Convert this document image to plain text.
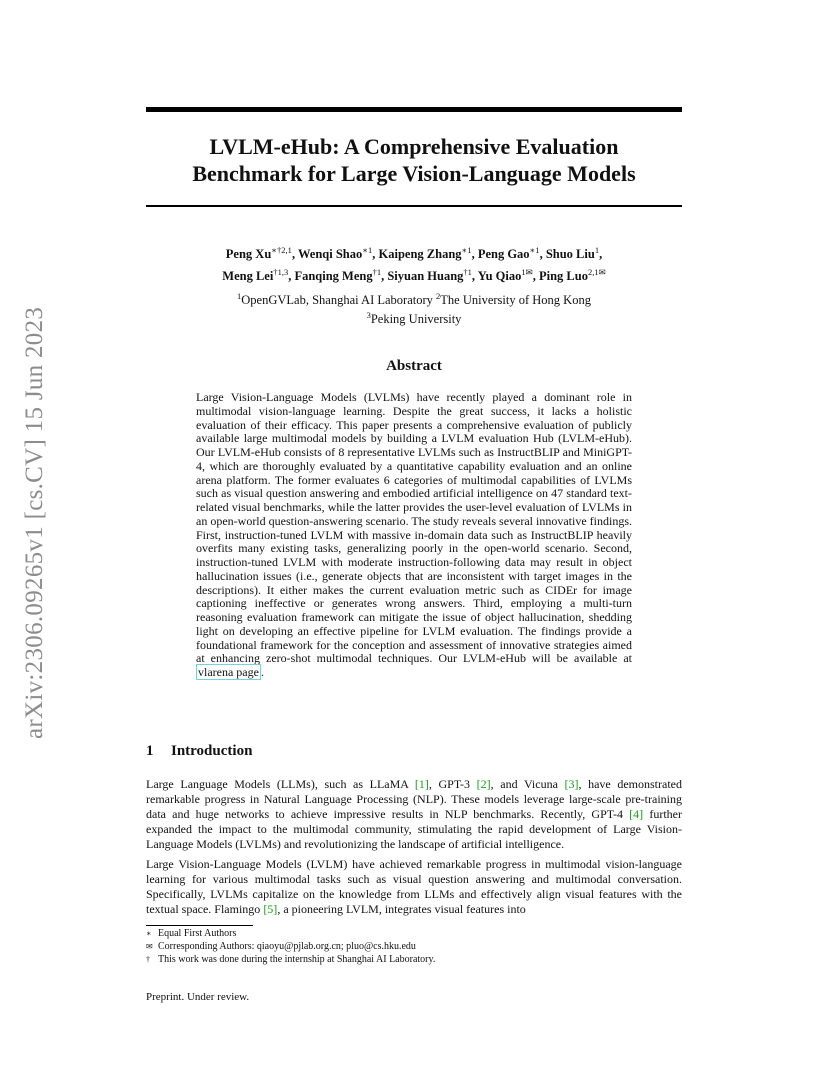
arXiv:2306.09265v1 [cs.CV] 15 Jun 2023
LVLM-eHub: A Comprehensive Evaluation
Benchmark for Large Vision-Language Models
Peng $Xu^{∗\dagger 2,1}$, Wenqi Shao$^{∗1}$, Kaipeng Zhang$^{∗1}$, Peng Gao$^{∗1}$, Shuo Liu$^1$,
Meng Lei$^{\dagger 1,3}$, Fanqing Meng$^{\dagger 1}$, Siyuan Huang$^{\dagger 1}$, Yu Qiao$^{1✉}$, Ping Luo$^{2,1✉}$
$^1$OpenGVLab, Shanghai AI Laboratory $^2$The University of Hong Kong
$^3$Peking University
Abstract

Large Vision-Language Models (LVLMs) have recently played a dominant role in multimodal vision-language learning. Despite the great success, it lacks a holistic evaluation of their efficacy. This paper presents a comprehensive evaluation of publicly available large multimodal models by building a LVLM evaluation Hub (LVLM-eHub). Our LVLM-eHub consists of 8 representative LVLMs such as InstructBLIP and MiniGPT-4, which are thoroughly evaluated by a quantitative capability evaluation and an online arena platform. The former evaluates 6 categories of multimodal capabilities of LVLMs such as visual question answering and embodied artificial intelligence on 47 standard text-related visual benchmarks, while the latter provides the user-level evaluation of LVLMs in an open-world question-answering scenario. The study reveals several innovative findings. First, instruction-tuned LVLM with massive in-domain data such as InstructBLIP heavily overfits many existing tasks, generalizing poorly in the open-world scenario. Second, instruction-tuned LVLM with moderate instruction-following data may result in object hallucination issues (i.e., generate objects that are inconsistent with target images in the descriptions). It either makes the current evaluation metric such as CIDEr for image captioning ineffective or generates wrong answers. Third, employing a multi-turn reasoning evaluation framework can mitigate the issue of object hallucination, shedding light on developing an effective pipeline for LVLM evaluation. The findings provide a foundational framework for the conception and assessment of innovative strategies aimed at enhancing zero-shot multimodal techniques. Our LVLM-eHub will be available at vlarena page .

1 Introduction

Large Language Models (LLMs), such as LLaMA [1], GPT-3 [2], and Vicuna [3], have demonstrated remarkable progress in Natural Language Processing (NLP). These models leverage large-scale pre-training data and huge networks to achieve impressive results in NLP benchmarks. Recently, GPT-4 [4] further expanded the impact to the multimodal community, stimulating the rapid development of Large Vision-Language Models (LVLMs) and revolutionizing the landscape of artificial intelligence.

Large Vision-Language Models (LVLM) have achieved remarkable progress in multimodal vision-language learning for various multimodal tasks such as visual question answering and multimodal conversation. Specifically, LVLMs capitalize on the knowledge from LLMs and effectively align visual features with the textual space. Flamingo [5], a pioneering LVLM, integrates visual features into

∗ Equal First Authors
✉ Corresponding Authors: qiaoyu@pjlab.org.cn; pluo@cs.hku.edu
† This work was done during the internship at Shanghai AI Laboratory.

Preprint. Under review.
